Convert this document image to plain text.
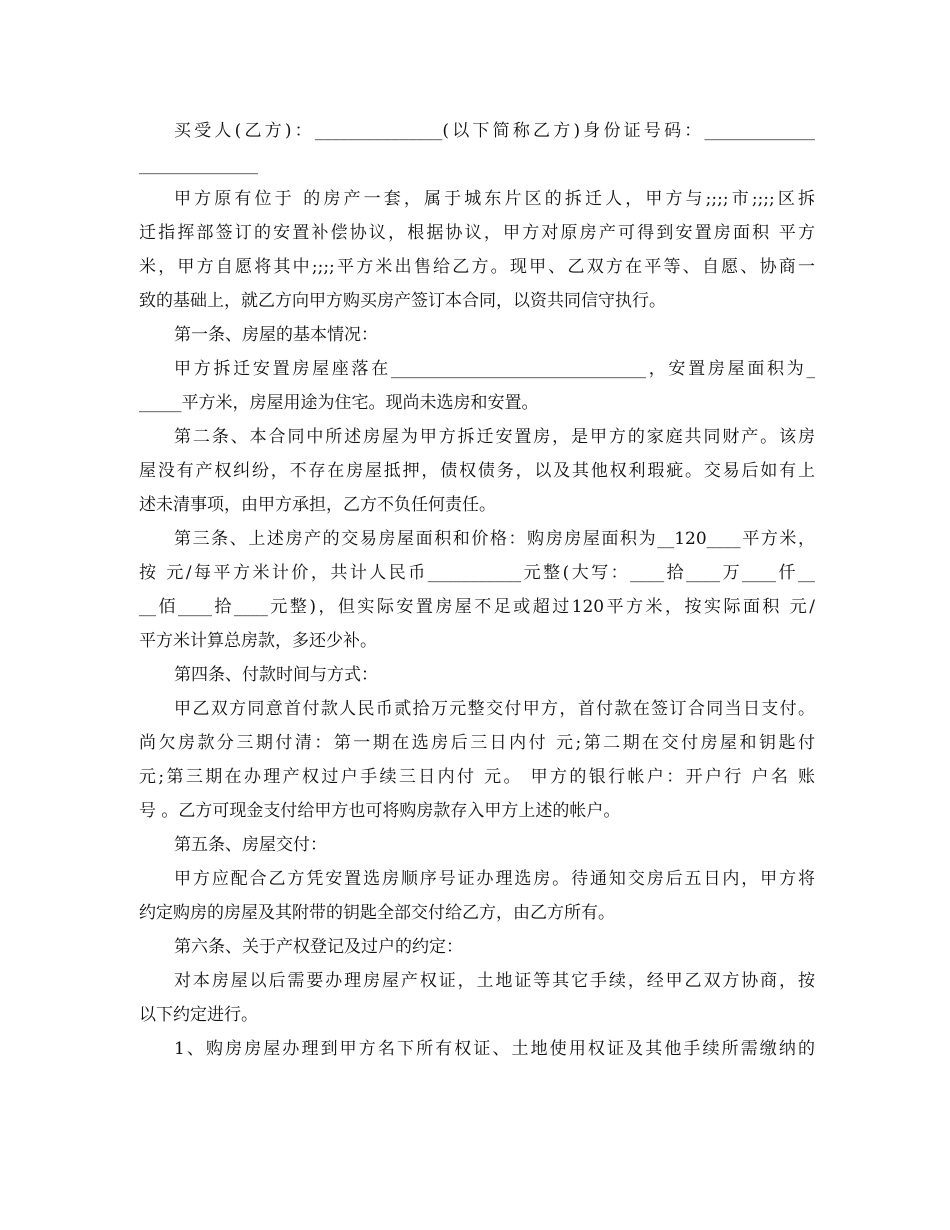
买受人(乙方)：_______________(以下简称乙方)身份证号码：_____________
______________
甲方原有位于 的房产一套，属于城东片区的拆迁人，甲方与;;;;市;;;;区拆
迁指挥部签订的安置补偿协议，根据协议，甲方对原房产可得到安置房面积 平方
米，甲方自愿将其中;;;;平方米出售给乙方。现甲、乙双方在平等、自愿、协商一
致的基础上，就乙方向甲方购买房产签订本合同，以资共同信守执行。
第一条、房屋的基本情况：
甲方拆迁安置房屋座落在______________________________，安置房屋面积为_
_____平方米，房屋用途为住宅。现尚未选房和安置。
第二条、本合同中所述房屋为甲方拆迁安置房，是甲方的家庭共同财产。该房
屋没有产权纠纷，不存在房屋抵押，债权债务，以及其他权利瑕疵。交易后如有上
述未清事项，由甲方承担，乙方不负任何责任。
第三条、上述房产的交易房屋面积和价格：购房房屋面积为__120____平方米，
按 元/每平方米计价，共计人民币___________元整(大写：____拾____万____仟__
__佰____拾____元整)，但实际安置房屋不足或超过120平方米，按实际面积 元/
平方米计算总房款，多还少补。
第四条、付款时间与方式：
甲乙双方同意首付款人民币贰拾万元整交付甲方，首付款在签订合同当日支付。
尚欠房款分三期付清：第一期在选房后三日内付 元;第二期在交付房屋和钥匙付
元;第三期在办理产权过户手续三日内付 元。 甲方的银行帐户：开户行 户名 账
号 。乙方可现金支付给甲方也可将购房款存入甲方上述的帐户。
第五条、房屋交付：
甲方应配合乙方凭安置选房顺序号证办理选房。待通知交房后五日内，甲方将
约定购房的房屋及其附带的钥匙全部交付给乙方，由乙方所有。
第六条、关于产权登记及过户的约定：
对本房屋以后需要办理房屋产权证，土地证等其它手续，经甲乙双方协商，按
以下约定进行。
1、购房房屋办理到甲方名下所有权证、土地使用权证及其他手续所需缴纳的
